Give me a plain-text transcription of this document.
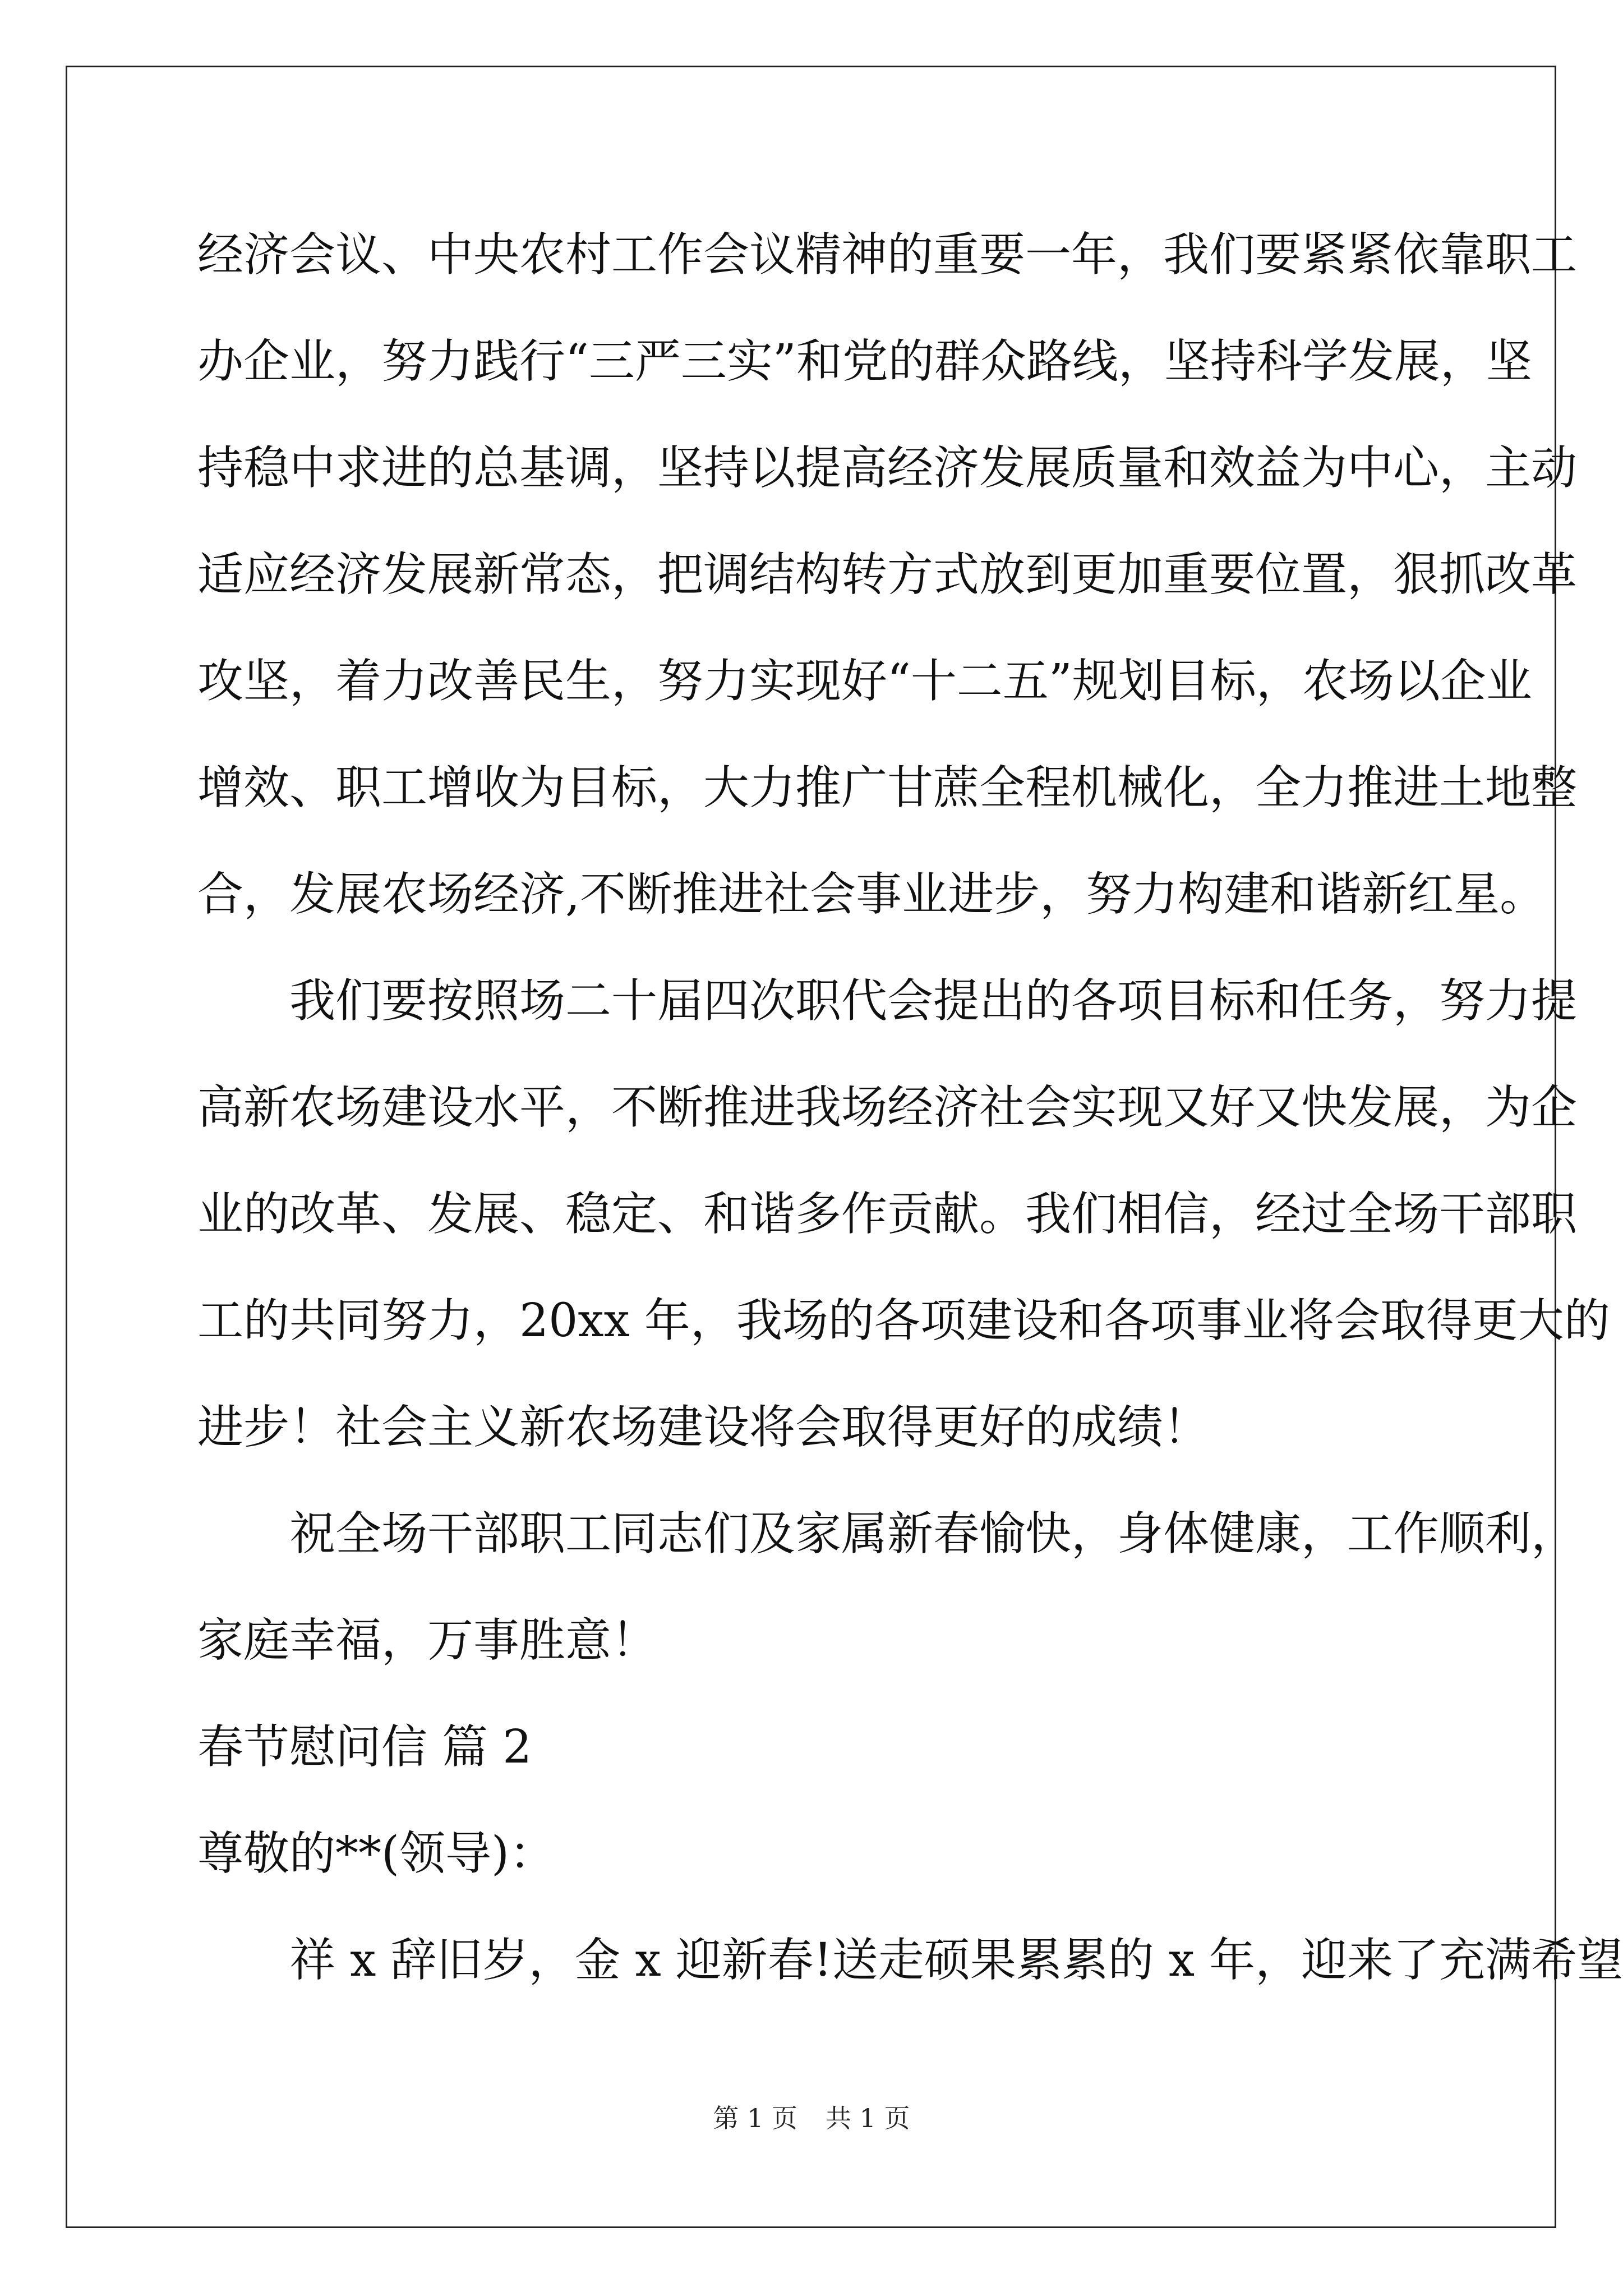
经济会议、中央农村工作会议精神的重要一年，我们要紧紧依靠职工
办企业，努力践行“三严三实”和党的群众路线，坚持科学发展，坚
持稳中求进的总基调，坚持以提高经济发展质量和效益为中心，主动
适应经济发展新常态，把调结构转方式放到更加重要位置，狠抓改革
攻坚，着力改善民生，努力实现好“十二五”规划目标，农场以企业
增效、职工增收为目标，大力推广甘蔗全程机械化，全力推进土地整
合，发展农场经济,不断推进社会事业进步，努力构建和谐新红星。
我们要按照场二十届四次职代会提出的各项目标和任务，努力提
高新农场建设水平，不断推进我场经济社会实现又好又快发展，为企
业的改革、发展、稳定、和谐多作贡献。我们相信，经过全场干部职
工的共同努力，20xx 年，我场的各项建设和各项事业将会取得更大的
进步！社会主义新农场建设将会取得更好的成绩！
祝全场干部职工同志们及家属新春愉快，身体健康，工作顺利，
家庭幸福，万事胜意！
春节慰问信 篇 2
尊敬的**(领导)：
祥 x 辞旧岁，金 x 迎新春!送走硕果累累的 x 年，迎来了充满希望
第 1 页 共 1 页
